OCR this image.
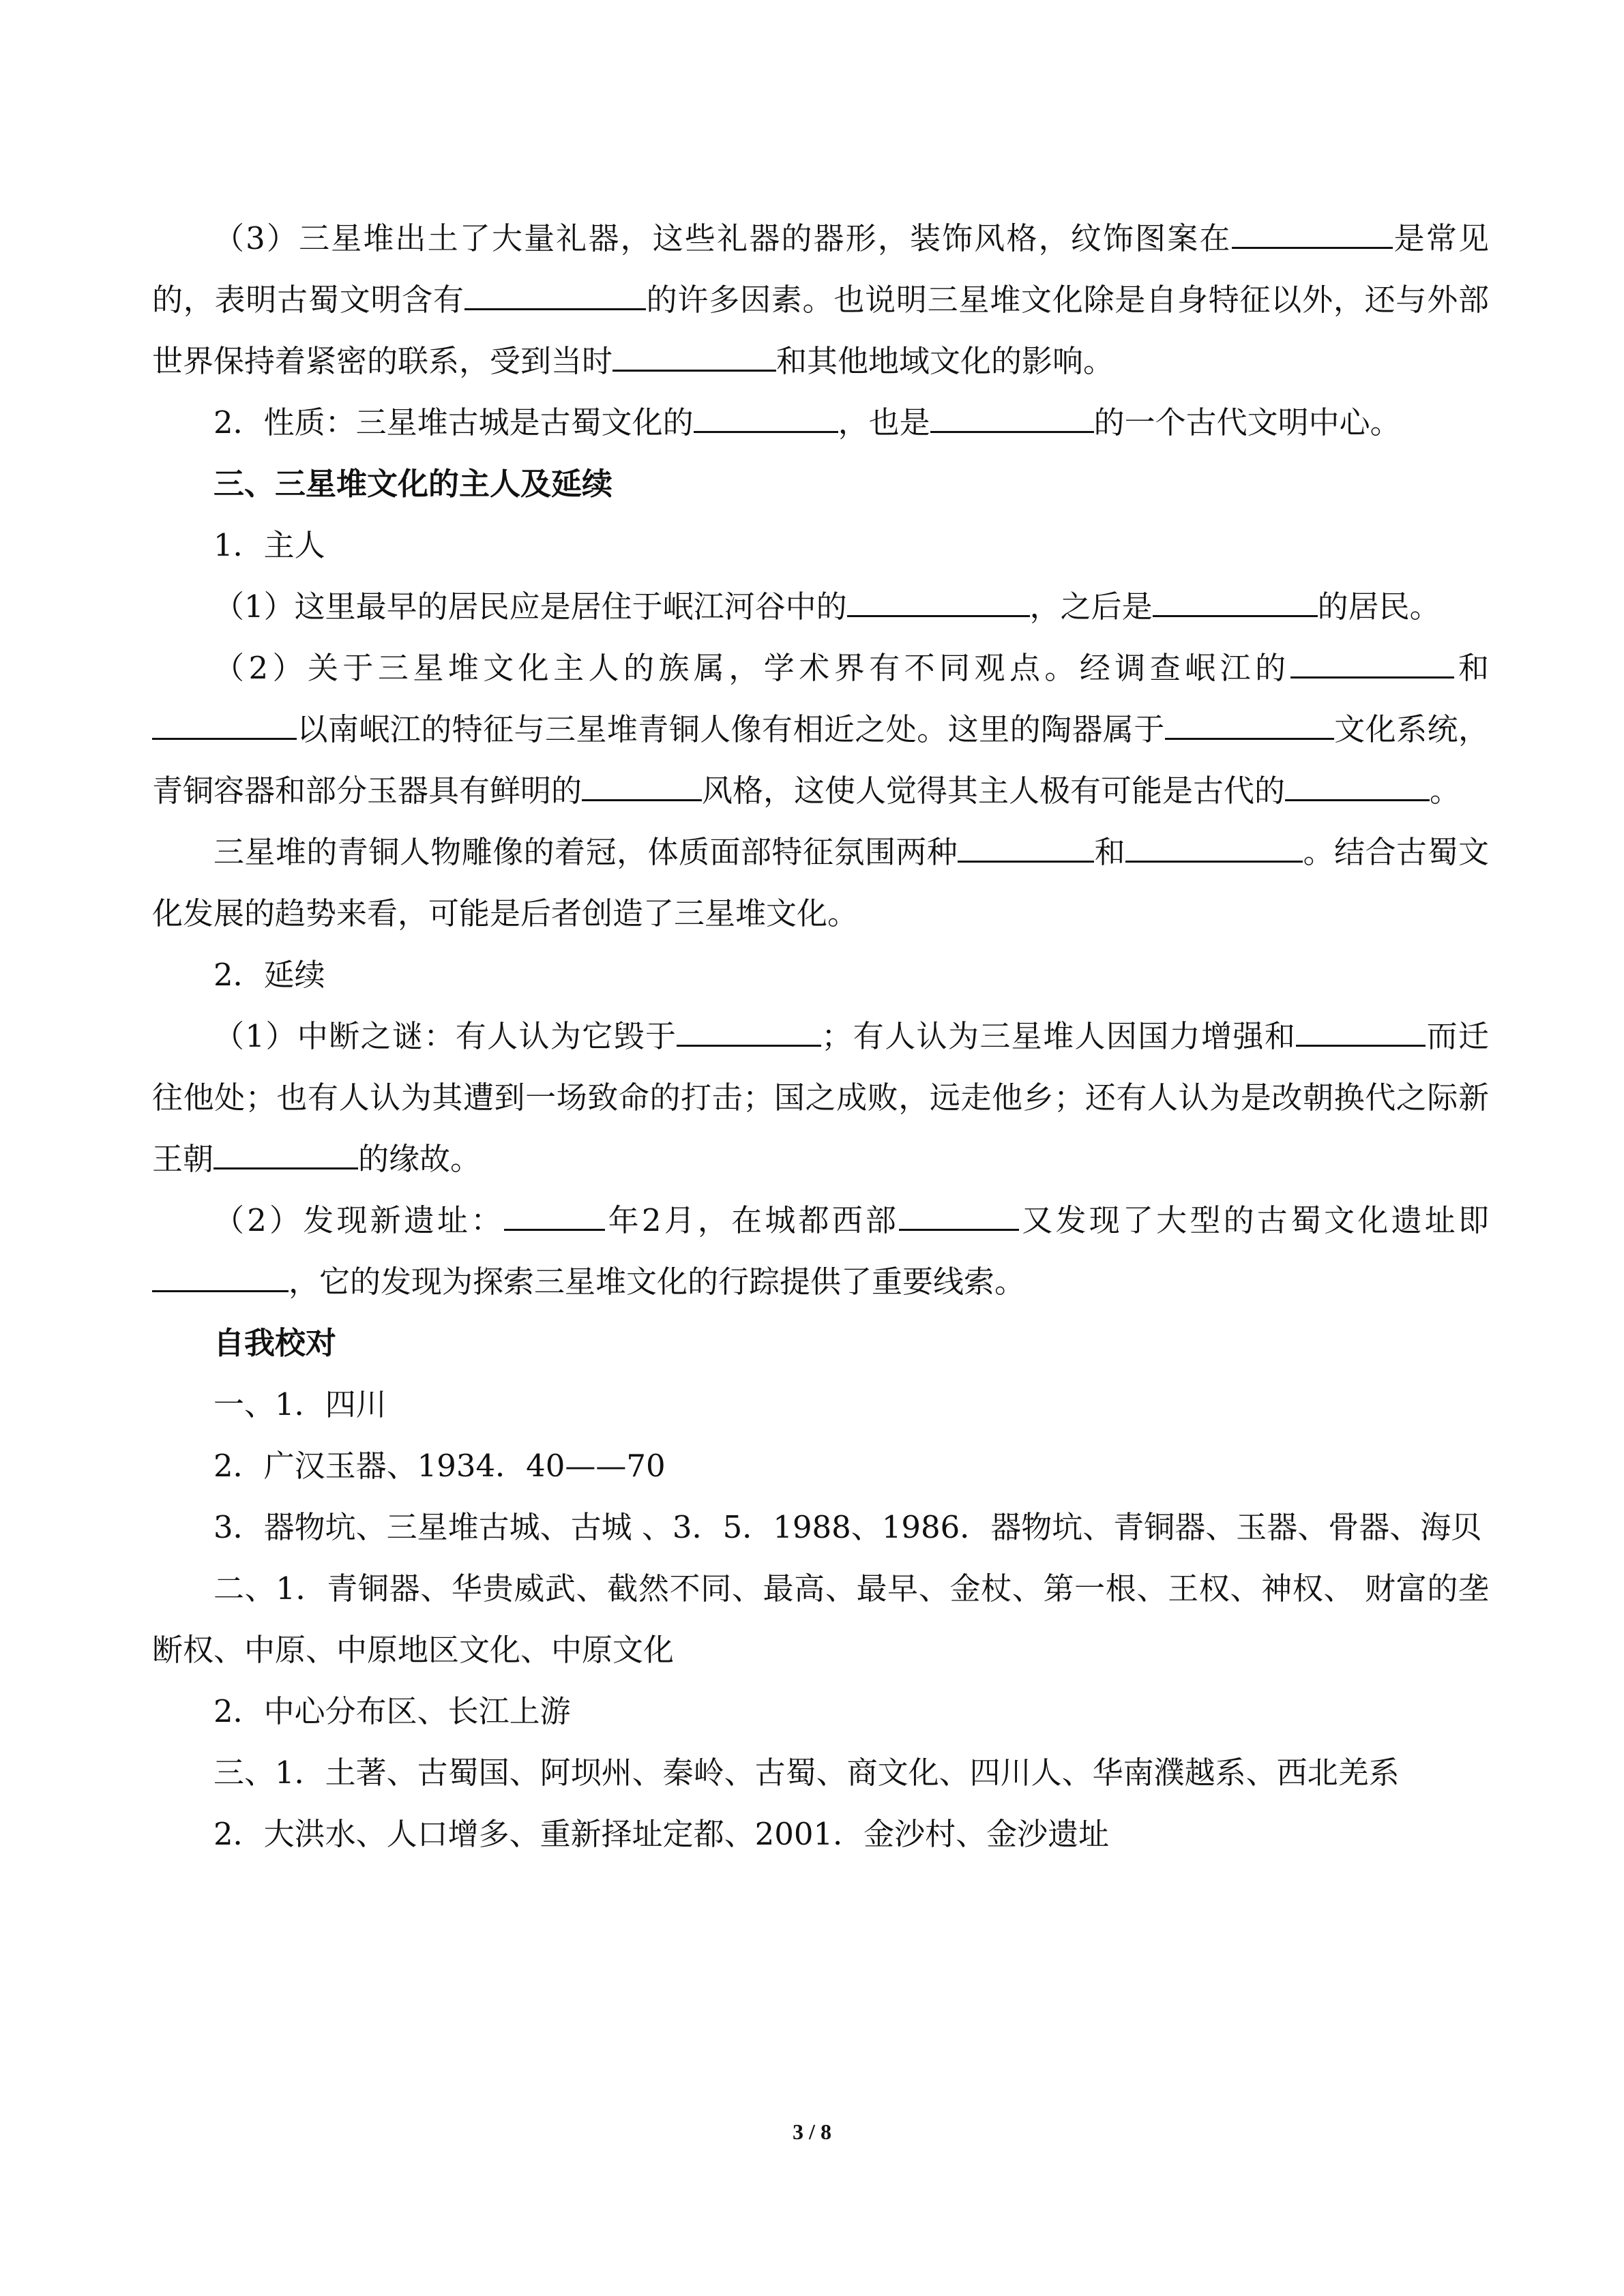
（3）三星堆出土了大量礼器，这些礼器的器形，装饰风格，纹饰图案在	是常见的，表明古蜀文明含有	的许多因素。也说明三星堆文化除是自身特征以外，还与外部世界保持着紧密的联系，受到当时	和其他地域文化的影响。

2．性质：三星堆古城是古蜀文化的	，也是	的一个古代文明中心。

三、三星堆文化的主人及延续

1．主人

（1）这里最早的居民应是居住于岷江河谷中的	，之后是	的居民。

（2）关于三星堆文化主人的族属，学术界有不同观点。经调查岷江的	和以南岷江的特征与三星堆青铜人像有相近之处。这里的陶器属于	文化系统，青铜容器和部分玉器具有鲜明的	风格，这使人觉得其主人极有可能是古代的	。

三星堆的青铜人物雕像的着冠，体质面部特征氛围两种	和	。结合古蜀文化发展的趋势来看，可能是后者创造了三星堆文化。

2．延续

（1）中断之谜：有人认为它毁于	；有人认为三星堆人因国力增强和	而迁往他处；也有人认为其遭到一场致命的打击；国之成败，远走他乡；还有人认为是改朝换代之际新王朝	的缘故。

（2）发现新遗址：	年2月，在城都西部	又发现了大型的古蜀文化遗址即，它的发现为探索三星堆文化的行踪提供了重要线索。

自我校对

一、1．四川

2．广汉玉器、1934．40——70

3．器物坑、三星堆古城、古城 、3．5．1988、1986．器物坑、青铜器、玉器、骨器、海贝

二、1．青铜器、华贵威武、截然不同、最高、最早、金杖、第一根、王权、神权、 财富的垄断权、中原、中原地区文化、中原文化

2．中心分布区、长江上游

三、1．土著、古蜀国、阿坝州、秦岭、古蜀、商文化、四川人、华南濮越系、西北羌系

2．大洪水、人口增多、重新择址定都、2001．金沙村、金沙遗址

3 / 8
